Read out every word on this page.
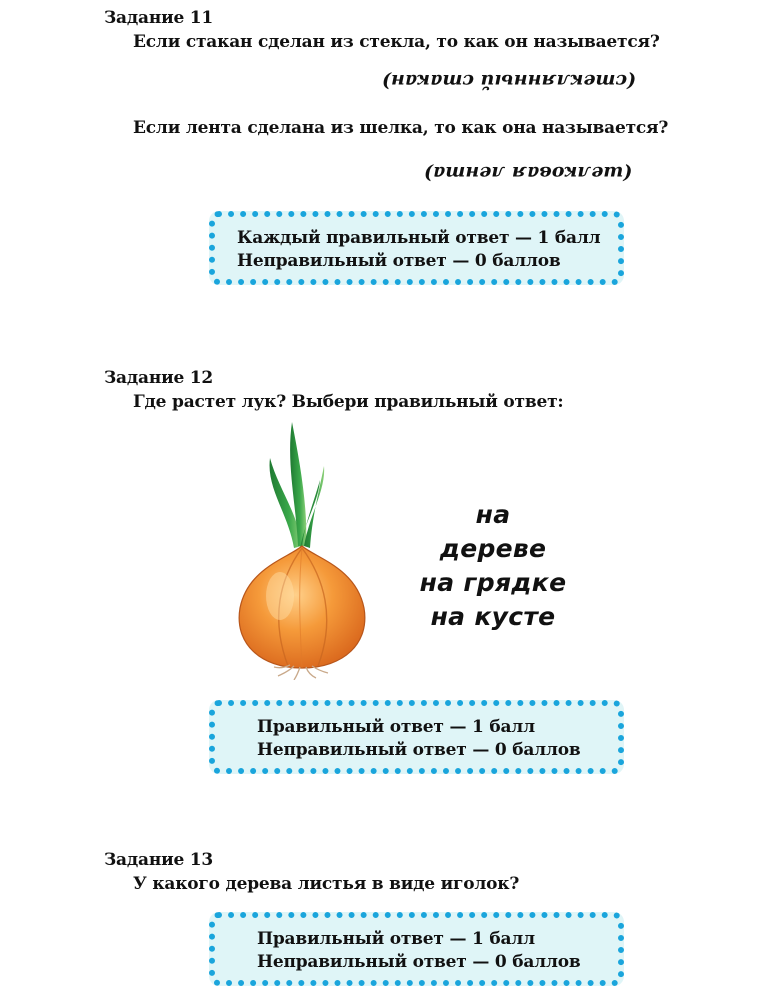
Задание 11
Если стакан сделан из стекла, то как он называется?
(стеклянный стакан)
Если лента сделана из шелка, то как она называется?
(шелковая лента)
Каждый правильный ответ — 1 балл
Неправильный ответ — 0 баллов
Задание 12
Где растет лук? Выбери правильный ответ:
на дереве
на грядке
на кусте
Правильный ответ — 1 балл
Неправильный ответ — 0 баллов
Задание 13
У какого дерева листья в виде иголок?
Правильный ответ — 1 балл
Неправильный ответ — 0 баллов
